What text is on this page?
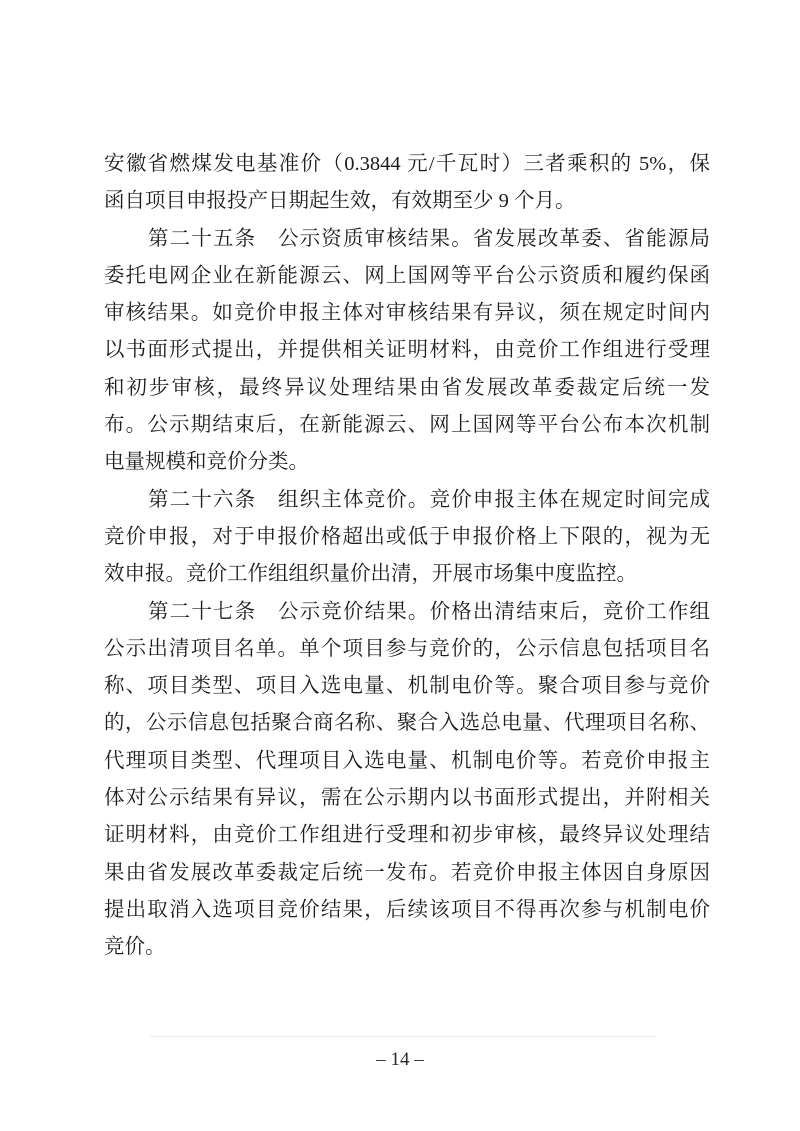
安徽省燃煤发电基准价（0.3844 元/千瓦时）三者乘积的 5%，保
函自项目申报投产日期起生效，有效期至少 9 个月。
第二十五条　公示资质审核结果。省发展改革委、省能源局
委托电网企业在新能源云、网上国网等平台公示资质和履约保函
审核结果。如竞价申报主体对审核结果有异议，须在规定时间内
以书面形式提出，并提供相关证明材料，由竞价工作组进行受理
和初步审核，最终异议处理结果由省发展改革委裁定后统一发
布。公示期结束后，在新能源云、网上国网等平台公布本次机制
电量规模和竞价分类。
第二十六条　组织主体竞价。竞价申报主体在规定时间完成
竞价申报，对于申报价格超出或低于申报价格上下限的，视为无
效申报。竞价工作组组织量价出清，开展市场集中度监控。
第二十七条　公示竞价结果。价格出清结束后，竞价工作组
公示出清项目名单。单个项目参与竞价的，公示信息包括项目名
称、项目类型、项目入选电量、机制电价等。聚合项目参与竞价
的，公示信息包括聚合商名称、聚合入选总电量、代理项目名称、
代理项目类型、代理项目入选电量、机制电价等。若竞价申报主
体对公示结果有异议，需在公示期内以书面形式提出，并附相关
证明材料，由竞价工作组进行受理和初步审核，最终异议处理结
果由省发展改革委裁定后统一发布。若竞价申报主体因自身原因
提出取消入选项目竞价结果，后续该项目不得再次参与机制电价
竞价。
– 14 –
